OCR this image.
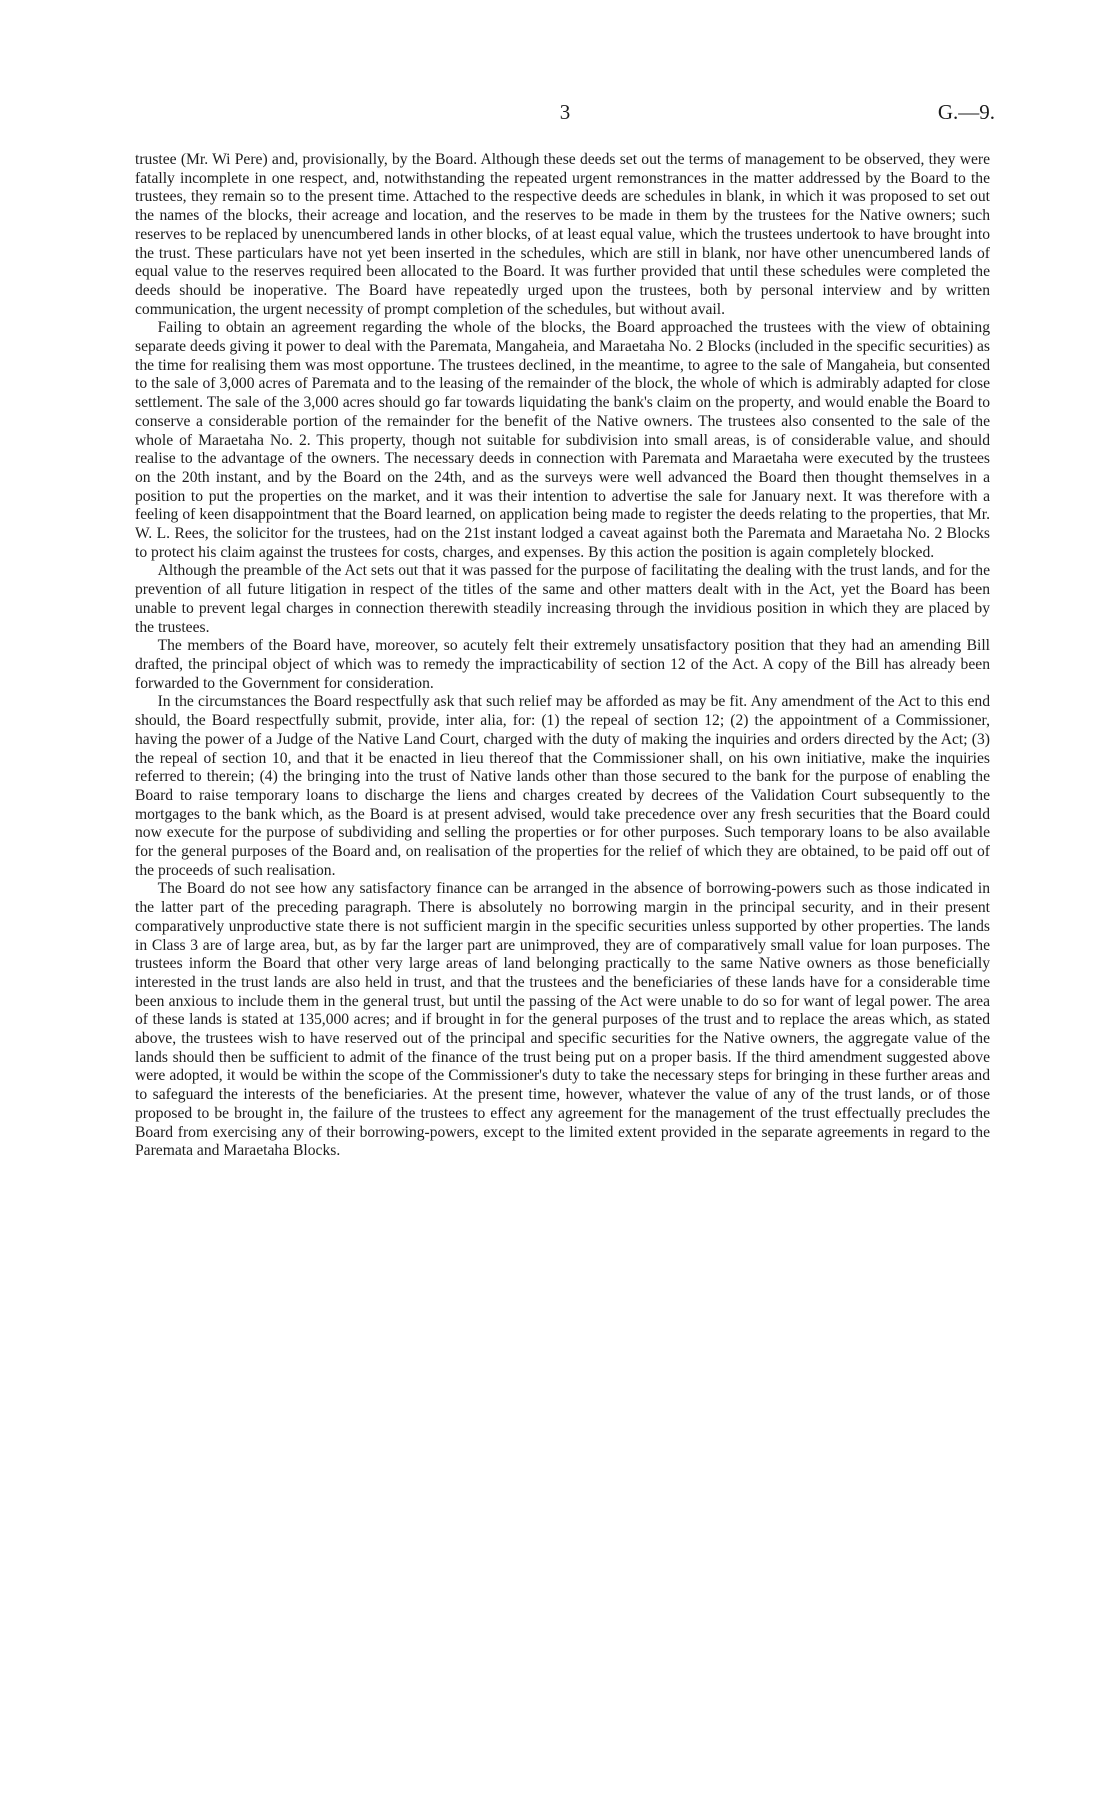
3	G.—9.

trustee (Mr. Wi Pere) and, provisionally, by the Board. Although these deeds set out the terms of management to be observed, they were fatally incomplete in one respect, and, notwithstanding the repeated urgent remonstrances in the matter addressed by the Board to the trustees, they remain so to the present time. Attached to the respective deeds are schedules in blank, in which it was proposed to set out the names of the blocks, their acreage and location, and the reserves to be made in them by the trustees for the Native owners; such reserves to be replaced by unencumbered lands in other blocks, of at least equal value, which the trustees undertook to have brought into the trust. These particulars have not yet been inserted in the schedules, which are still in blank, nor have other unencumbered lands of equal value to the reserves required been allocated to the Board. It was further provided that until these schedules were completed the deeds should be inoperative. The Board have repeatedly urged upon the trustees, both by personal interview and by written communication, the urgent necessity of prompt completion of the schedules, but without avail.

Failing to obtain an agreement regarding the whole of the blocks, the Board approached the trustees with the view of obtaining separate deeds giving it power to deal with the Paremata, Mangaheia, and Maraetaha No. 2 Blocks (included in the specific securities) as the time for realising them was most opportune. The trustees declined, in the meantime, to agree to the sale of Mangaheia, but consented to the sale of 3,000 acres of Paremata and to the leasing of the remainder of the block, the whole of which is admirably adapted for close settlement. The sale of the 3,000 acres should go far towards liquidating the bank's claim on the property, and would enable the Board to conserve a considerable portion of the remainder for the benefit of the Native owners. The trustees also consented to the sale of the whole of Maraetaha No. 2. This property, though not suitable for subdivision into small areas, is of considerable value, and should realise to the advantage of the owners. The necessary deeds in connection with Paremata and Maraetaha were executed by the trustees on the 20th instant, and by the Board on the 24th, and as the surveys were well advanced the Board then thought themselves in a position to put the properties on the market, and it was their intention to advertise the sale for January next. It was therefore with a feeling of keen disappointment that the Board learned, on application being made to register the deeds relating to the properties, that Mr. W. L. Rees, the solicitor for the trustees, had on the 21st instant lodged a caveat against both the Paremata and Maraetaha No. 2 Blocks to protect his claim against the trustees for costs, charges, and expenses. By this action the position is again completely blocked.

Although the preamble of the Act sets out that it was passed for the purpose of facilitating the dealing with the trust lands, and for the prevention of all future litigation in respect of the titles of the same and other matters dealt with in the Act, yet the Board has been unable to prevent legal charges in connection therewith steadily increasing through the invidious position in which they are placed by the trustees.

The members of the Board have, moreover, so acutely felt their extremely unsatisfactory position that they had an amending Bill drafted, the principal object of which was to remedy the impracticability of section 12 of the Act. A copy of the Bill has already been forwarded to the Government for consideration.

In the circumstances the Board respectfully ask that such relief may be afforded as may be fit. Any amendment of the Act to this end should, the Board respectfully submit, provide, inter alia, for: (1) the repeal of section 12; (2) the appointment of a Commissioner, having the power of a Judge of the Native Land Court, charged with the duty of making the inquiries and orders directed by the Act; (3) the repeal of section 10, and that it be enacted in lieu thereof that the Commissioner shall, on his own initiative, make the inquiries referred to therein; (4) the bringing into the trust of Native lands other than those secured to the bank for the purpose of enabling the Board to raise temporary loans to discharge the liens and charges created by decrees of the Validation Court subsequently to the mortgages to the bank which, as the Board is at present advised, would take precedence over any fresh securities that the Board could now execute for the purpose of subdividing and selling the properties or for other purposes. Such temporary loans to be also available for the general purposes of the Board and, on realisation of the properties for the relief of which they are obtained, to be paid off out of the proceeds of such realisation.

The Board do not see how any satisfactory finance can be arranged in the absence of borrowing-powers such as those indicated in the latter part of the preceding paragraph. There is absolutely no borrowing margin in the principal security, and in their present comparatively unproductive state there is not sufficient margin in the specific securities unless supported by other properties. The lands in Class 3 are of large area, but, as by far the larger part are unimproved, they are of comparatively small value for loan purposes. The trustees inform the Board that other very large areas of land belonging practically to the same Native owners as those beneficially interested in the trust lands are also held in trust, and that the trustees and the beneficiaries of these lands have for a considerable time been anxious to include them in the general trust, but until the passing of the Act were unable to do so for want of legal power. The area of these lands is stated at 135,000 acres; and if brought in for the general purposes of the trust and to replace the areas which, as stated above, the trustees wish to have reserved out of the principal and specific securities for the Native owners, the aggregate value of the lands should then be sufficient to admit of the finance of the trust being put on a proper basis. If the third amendment suggested above were adopted, it would be within the scope of the Commissioner's duty to take the necessary steps for bringing in these further areas and to safeguard the interests of the beneficiaries. At the present time, however, whatever the value of any of the trust lands, or of those proposed to be brought in, the failure of the trustees to effect any agreement for the management of the trust effectually precludes the Board from exercising any of their borrowing-powers, except to the limited extent provided in the separate agreements in regard to the Paremata and Maraetaha Blocks.
